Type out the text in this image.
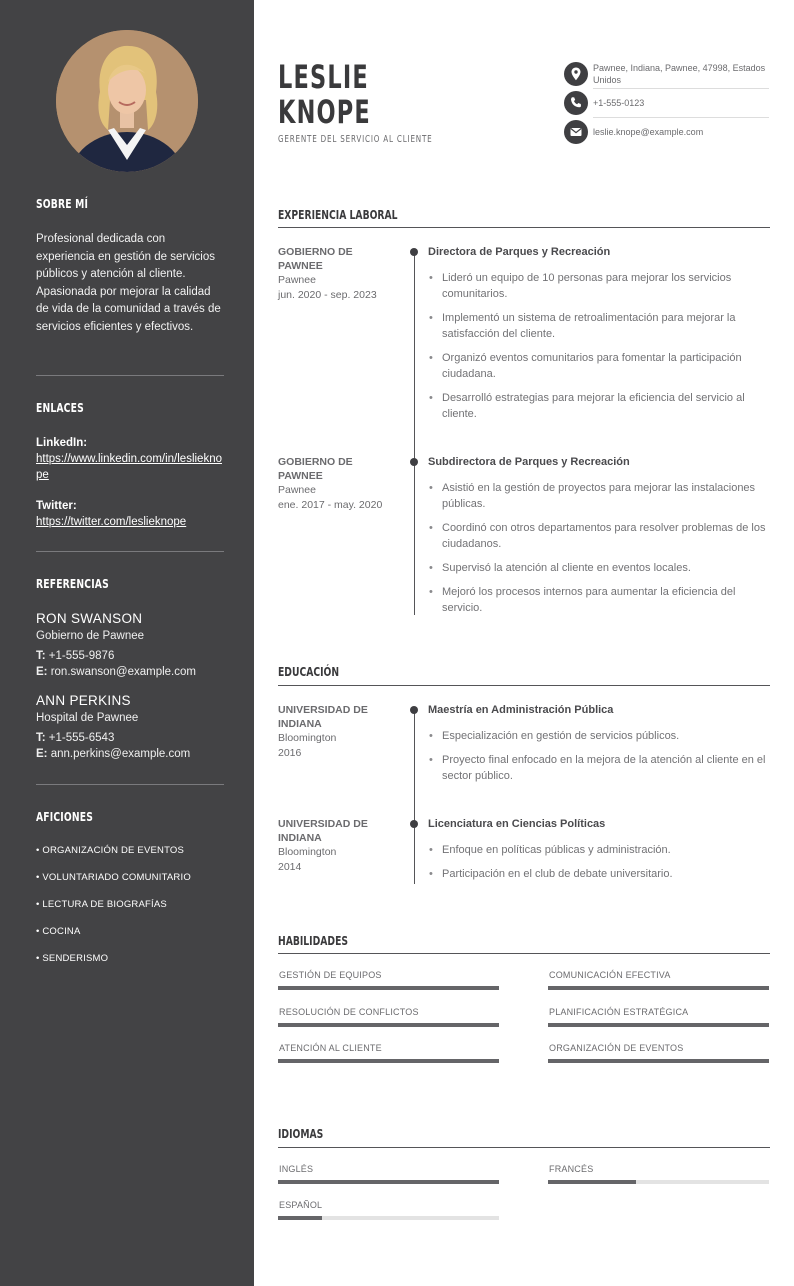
SOBRE MÍ
Profesional dedicada con experiencia en gestión de servicios públicos y atención al cliente. Apasionada por mejorar la calidad de vida de la comunidad a través de servicios eficientes y efectivos.
ENLACES
LinkedIn:
https://www.linkedin.com/in/leslieknope
Twitter:
https://twitter.com/leslieknope
REFERENCIAS
RON SWANSON
Gobierno de Pawnee
T: +1-555-9876
E: ron.swanson@example.com
ANN PERKINS
Hospital de Pawnee
T: +1-555-6543
E: ann.perkins@example.com
AFICIONES
• ORGANIZACIÓN DE EVENTOS
• VOLUNTARIADO COMUNITARIO
• LECTURA DE BIOGRAFÍAS
• COCINA
• SENDERISMO
LESLIE
KNOPE
GERENTE DEL SERVICIO AL CLIENTE
Pawnee, Indiana, Pawnee, 47998, Estados Unidos
+1-555-0123
leslie.knope@example.com
EXPERIENCIA LABORAL
GOBIERNO DE PAWNEE
Pawnee
jun. 2020 - sep. 2023
Directora de Parques y Recreación
• Lideró un equipo de 10 personas para mejorar los servicios comunitarios.
• Implementó un sistema de retroalimentación para mejorar la satisfacción del cliente.
• Organizó eventos comunitarios para fomentar la participación ciudadana.
• Desarrolló estrategias para mejorar la eficiencia del servicio al cliente.
GOBIERNO DE PAWNEE
Pawnee
ene. 2017 - may. 2020
Subdirectora de Parques y Recreación
• Asistió en la gestión de proyectos para mejorar las instalaciones públicas.
• Coordinó con otros departamentos para resolver problemas de los ciudadanos.
• Supervisó la atención al cliente en eventos locales.
• Mejoró los procesos internos para aumentar la eficiencia del servicio.
EDUCACIÓN
UNIVERSIDAD DE INDIANA
Bloomington
2016
Maestría en Administración Pública
• Especialización en gestión de servicios públicos.
• Proyecto final enfocado en la mejora de la atención al cliente en el sector público.
UNIVERSIDAD DE INDIANA
Bloomington
2014
Licenciatura en Ciencias Políticas
• Enfoque en políticas públicas y administración.
• Participación en el club de debate universitario.
HABILIDADES
GESTIÓN DE EQUIPOS	COMUNICACIÓN EFECTIVA
RESOLUCIÓN DE CONFLICTOS	PLANIFICACIÓN ESTRATÉGICA
ATENCIÓN AL CLIENTE	ORGANIZACIÓN DE EVENTOS
IDIOMAS
INGLÉS	FRANCÉS
ESPAÑOL
